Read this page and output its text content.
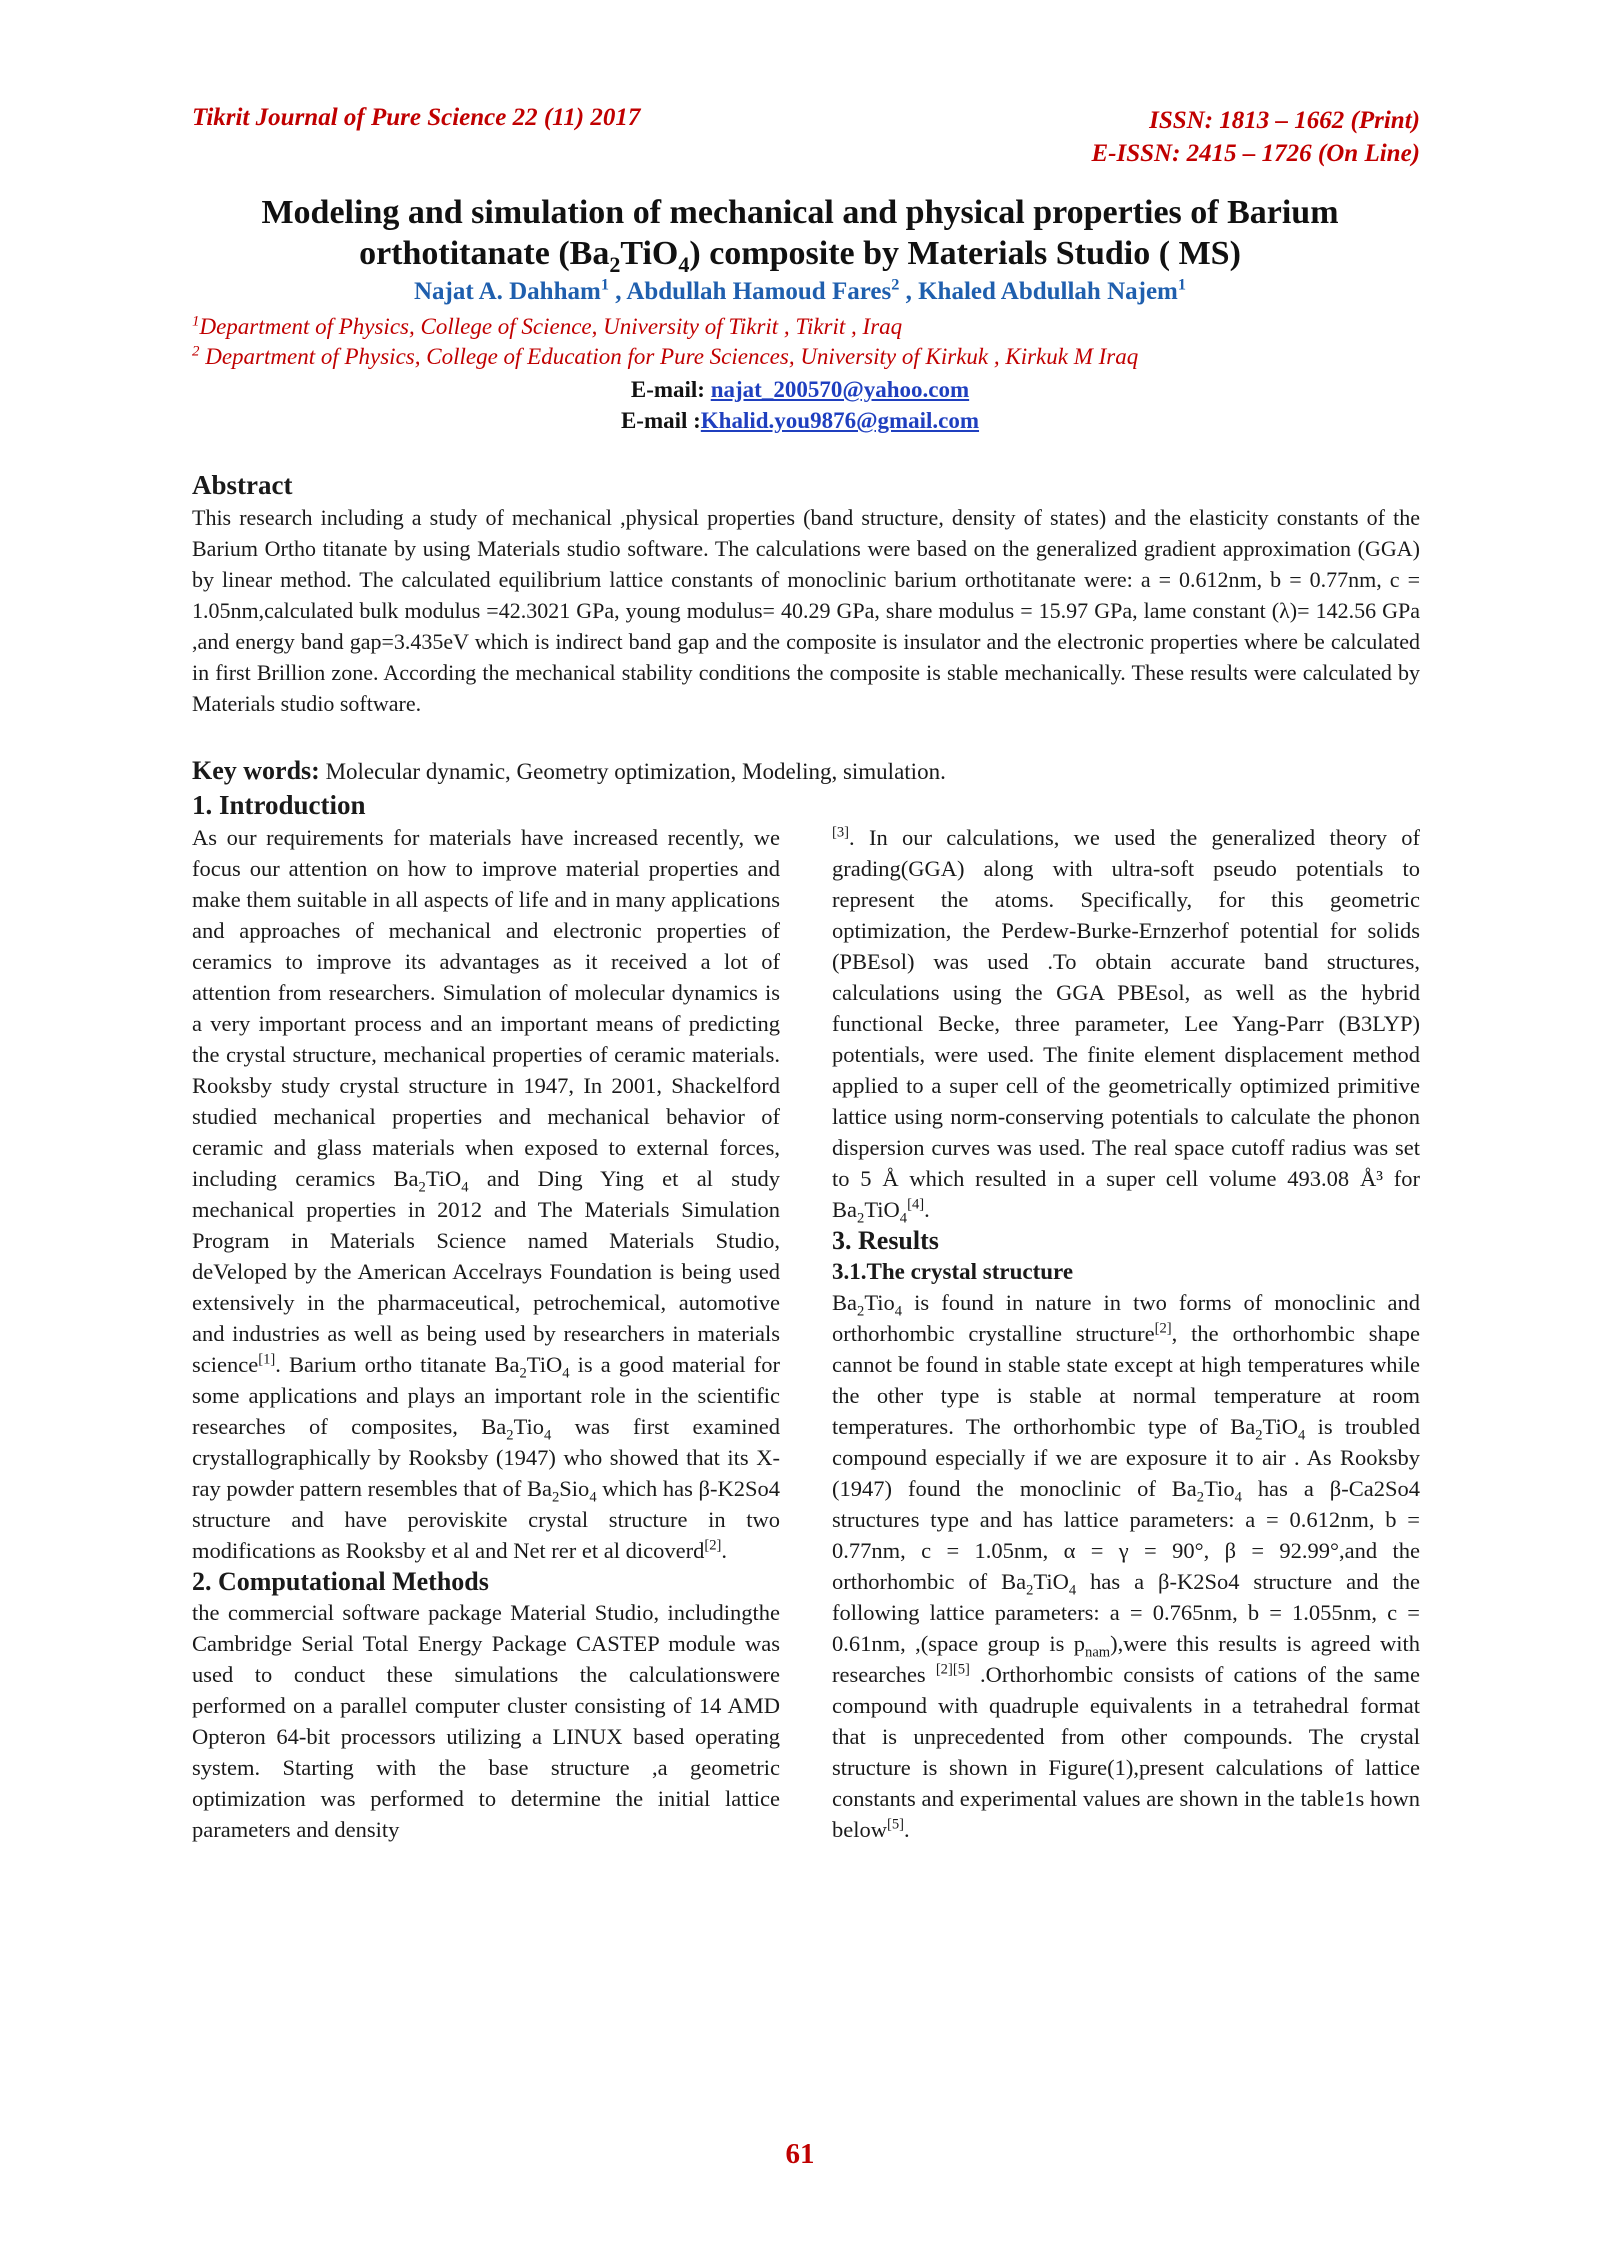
Tikrit Journal of Pure Science 22 (11) 2017	ISSN: 1813 – 1662 (Print)
E-ISSN: 2415 – 1726 (On Line)
Modeling and simulation of mechanical and physical properties of Barium
orthotitanate $(Ba_2TiO_4)$ composite by Materials Studio ( MS)
Najat A. Dahham$^1$ , Abdullah Hamoud Fares$^2$ , Khaled Abdullah Najem$^1$
$^1$Department of Physics, College of Science, University of Tikrit , Tikrit , Iraq
$^2$ Department of Physics, College of Education for Pure Sciences, University of Kirkuk , Kirkuk M Iraq
E-mail: najat_200570@yahoo.com
E-mail :Khalid.you9876@gmail.com
Abstract
This research including a study of mechanical ,physical properties (band structure, density of states) and the elasticity constants of the Barium Ortho titanate by using Materials studio software. The calculations were based on the generalized gradient approximation (GGA) by linear method. The calculated equilibrium lattice constants of monoclinic barium orthotitanate were: a = 0.612nm, b = 0.77nm, c = 1.05nm,calculated bulk modulus =42.3021 GPa, young modulus= 40.29 GPa, share modulus = 15.97 GPa, lame constant (λ)= 142.56 GPa ,and energy band gap=3.435eV which is indirect band gap and the composite is insulator and the electronic properties where be calculated in first Brillion zone. According the mechanical stability conditions the composite is stable mechanically. These results were calculated by Materials studio software.
Key words: Molecular dynamic, Geometry optimization, Modeling, simulation.
1. Introduction

As our requirements for materials have increased recently, we focus our attention on how to improve material properties and make them suitable in all aspects of life and in many applications and approaches of mechanical and electronic properties of ceramics to improve its advantages as it received a lot of attention from researchers. Simulation of molecular dynamics is a very important process and an important means of predicting the crystal structure, mechanical properties of ceramic materials. Rooksby study crystal structure in 1947, In 2001, Shackelford studied mechanical properties and mechanical behavior of ceramic and glass materials when exposed to external forces, including ceramics $Ba_2TiO_4$ and Ding Ying et al study mechanical properties in 2012 and The Materials Simulation Program in Materials Science named Materials Studio, deVeloped by the American Accelrays Foundation is being used extensively in the pharmaceutical, petrochemical, automotive and industries as well as being used by researchers in materials science[1]. Barium ortho titanate $Ba_2TiO_4$ is a good material for some applications and plays an important role in the scientific researches of composites, $Ba_2Tio_4$ was first examined crystallographically by Rooksby (1947) who showed that its X-ray powder pattern resembles that of $Ba_2Sio_4$ which has β-K2So4 structure and have peroviskite crystal structure in two modifications as Rooksby et al and Net rer et al dicoverd[2].

2. Computational Methods

the commercial software package Material Studio, includingthe Cambridge Serial Total Energy Package CASTEP module was used to conduct these simulations the calculationswere performed on a parallel computer cluster consisting of 14 AMD Opteron 64-bit processors utilizing a LINUX based operating system. Starting with the base structure ,a geometric optimization was performed to determine the initial lattice parameters and density

[3]. In our calculations, we used the generalized theory of grading(GGA) along with ultra-soft pseudo potentials to represent the atoms. Specifically, for this geometric optimization, the Perdew-Burke-Ernzerhof potential for solids (PBEsol) was used .To obtain accurate band structures, calculations using the GGA PBEsol, as well as the hybrid functional Becke, three parameter, Lee Yang-Parr (B3LYP) potentials, were used. The finite element displacement method applied to a super cell of the geometrically optimized primitive lattice using norm-conserving potentials to calculate the phonon dispersion curves was used. The real space cutoff radius was set to 5 Å which resulted in a super cell volume 493.08 Å³ for $Ba_2TiO_4[4]$.

3. Results
3.1.The crystal structure

$Ba_2Tio_4$ is found in nature in two forms of monoclinic and orthorhombic crystalline structure[2], the orthorhombic shape cannot be found in stable state except at high temperatures while the other type is stable at normal temperature at room temperatures. The orthorhombic type of $Ba_2TiO_4$ is troubled compound especially if we are exposure it to air . As Rooksby (1947) found the monoclinic of $Ba_2Tio_4$ has a β-Ca2So4 structures type and has lattice parameters: a = 0.612nm, b = 0.77nm, c = 1.05nm, α = γ = 90°, β = 92.99°,and the orthorhombic of $Ba_2TiO_4$ has a β-K2So4 structure and the following lattice parameters: a = 0.765nm, b = 1.055nm, c = 0.61nm, ,(space group is $p_{nam}),were$ this results is agreed with researches [2][5] .Orthorhombic consists of cations of the same compound with quadruple equivalents in a tetrahedral format that is unprecedented from other compounds. The crystal structure is shown in Figure(1),present calculations of lattice constants and experimental values are shown in the table1s hown below[5].

61
